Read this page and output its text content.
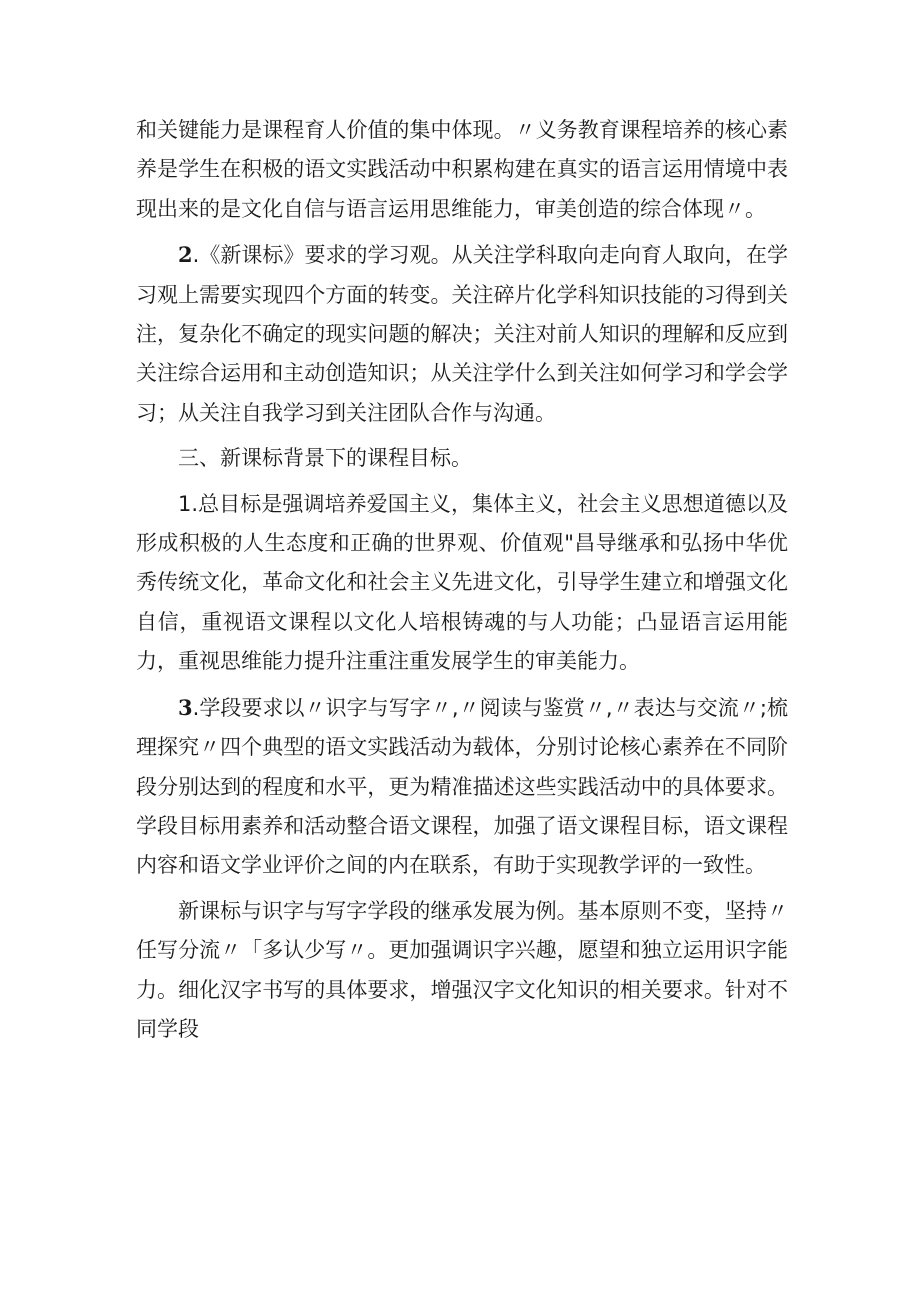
和关键能力是课程育人价值的集中体现。〃义务教育课程培养的核心素养是学生在积极的语文实践活动中积累构建在真实的语言运用情境中表现出来的是文化自信与语言运用思维能力，审美创造的综合体现〃。

2.《新课标》要求的学习观。从关注学科取向走向育人取向，在学习观上需要实现四个方面的转变。关注碎片化学科知识技能的习得到关注，复杂化不确定的现实问题的解决；关注对前人知识的理解和反应到关注综合运用和主动创造知识；从关注学什么到关注如何学习和学会学习；从关注自我学习到关注团队合作与沟通。

三、新课标背景下的课程目标。

1.总目标是强调培养爱国主义，集体主义，社会主义思想道德以及形成积极的人生态度和正确的世界观、价值观"昌导继承和弘扬中华优秀传统文化，革命文化和社会主义先进文化，引导学生建立和增强文化自信，重视语文课程以文化人培根铸魂的与人功能；凸显语言运用能力，重视思维能力提升注重注重发展学生的审美能力。

3.学段要求以〃识字与写字〃,〃阅读与鉴赏〃,〃表达与交流〃;梳理探究〃四个典型的语文实践活动为载体，分别讨论核心素养在不同阶段分别达到的程度和水平，更为精准描述这些实践活动中的具体要求。学段目标用素养和活动整合语文课程，加强了语文课程目标，语文课程内容和语文学业评价之间的内在联系，有助于实现教学评的一致性。

新课标与识字与写字学段的继承发展为例。基本原则不变，坚持〃任写分流〃「多认少写〃。更加强调识字兴趣，愿望和独立运用识字能力。细化汉字书写的具体要求，增强汉字文化知识的相关要求。针对不同学段
